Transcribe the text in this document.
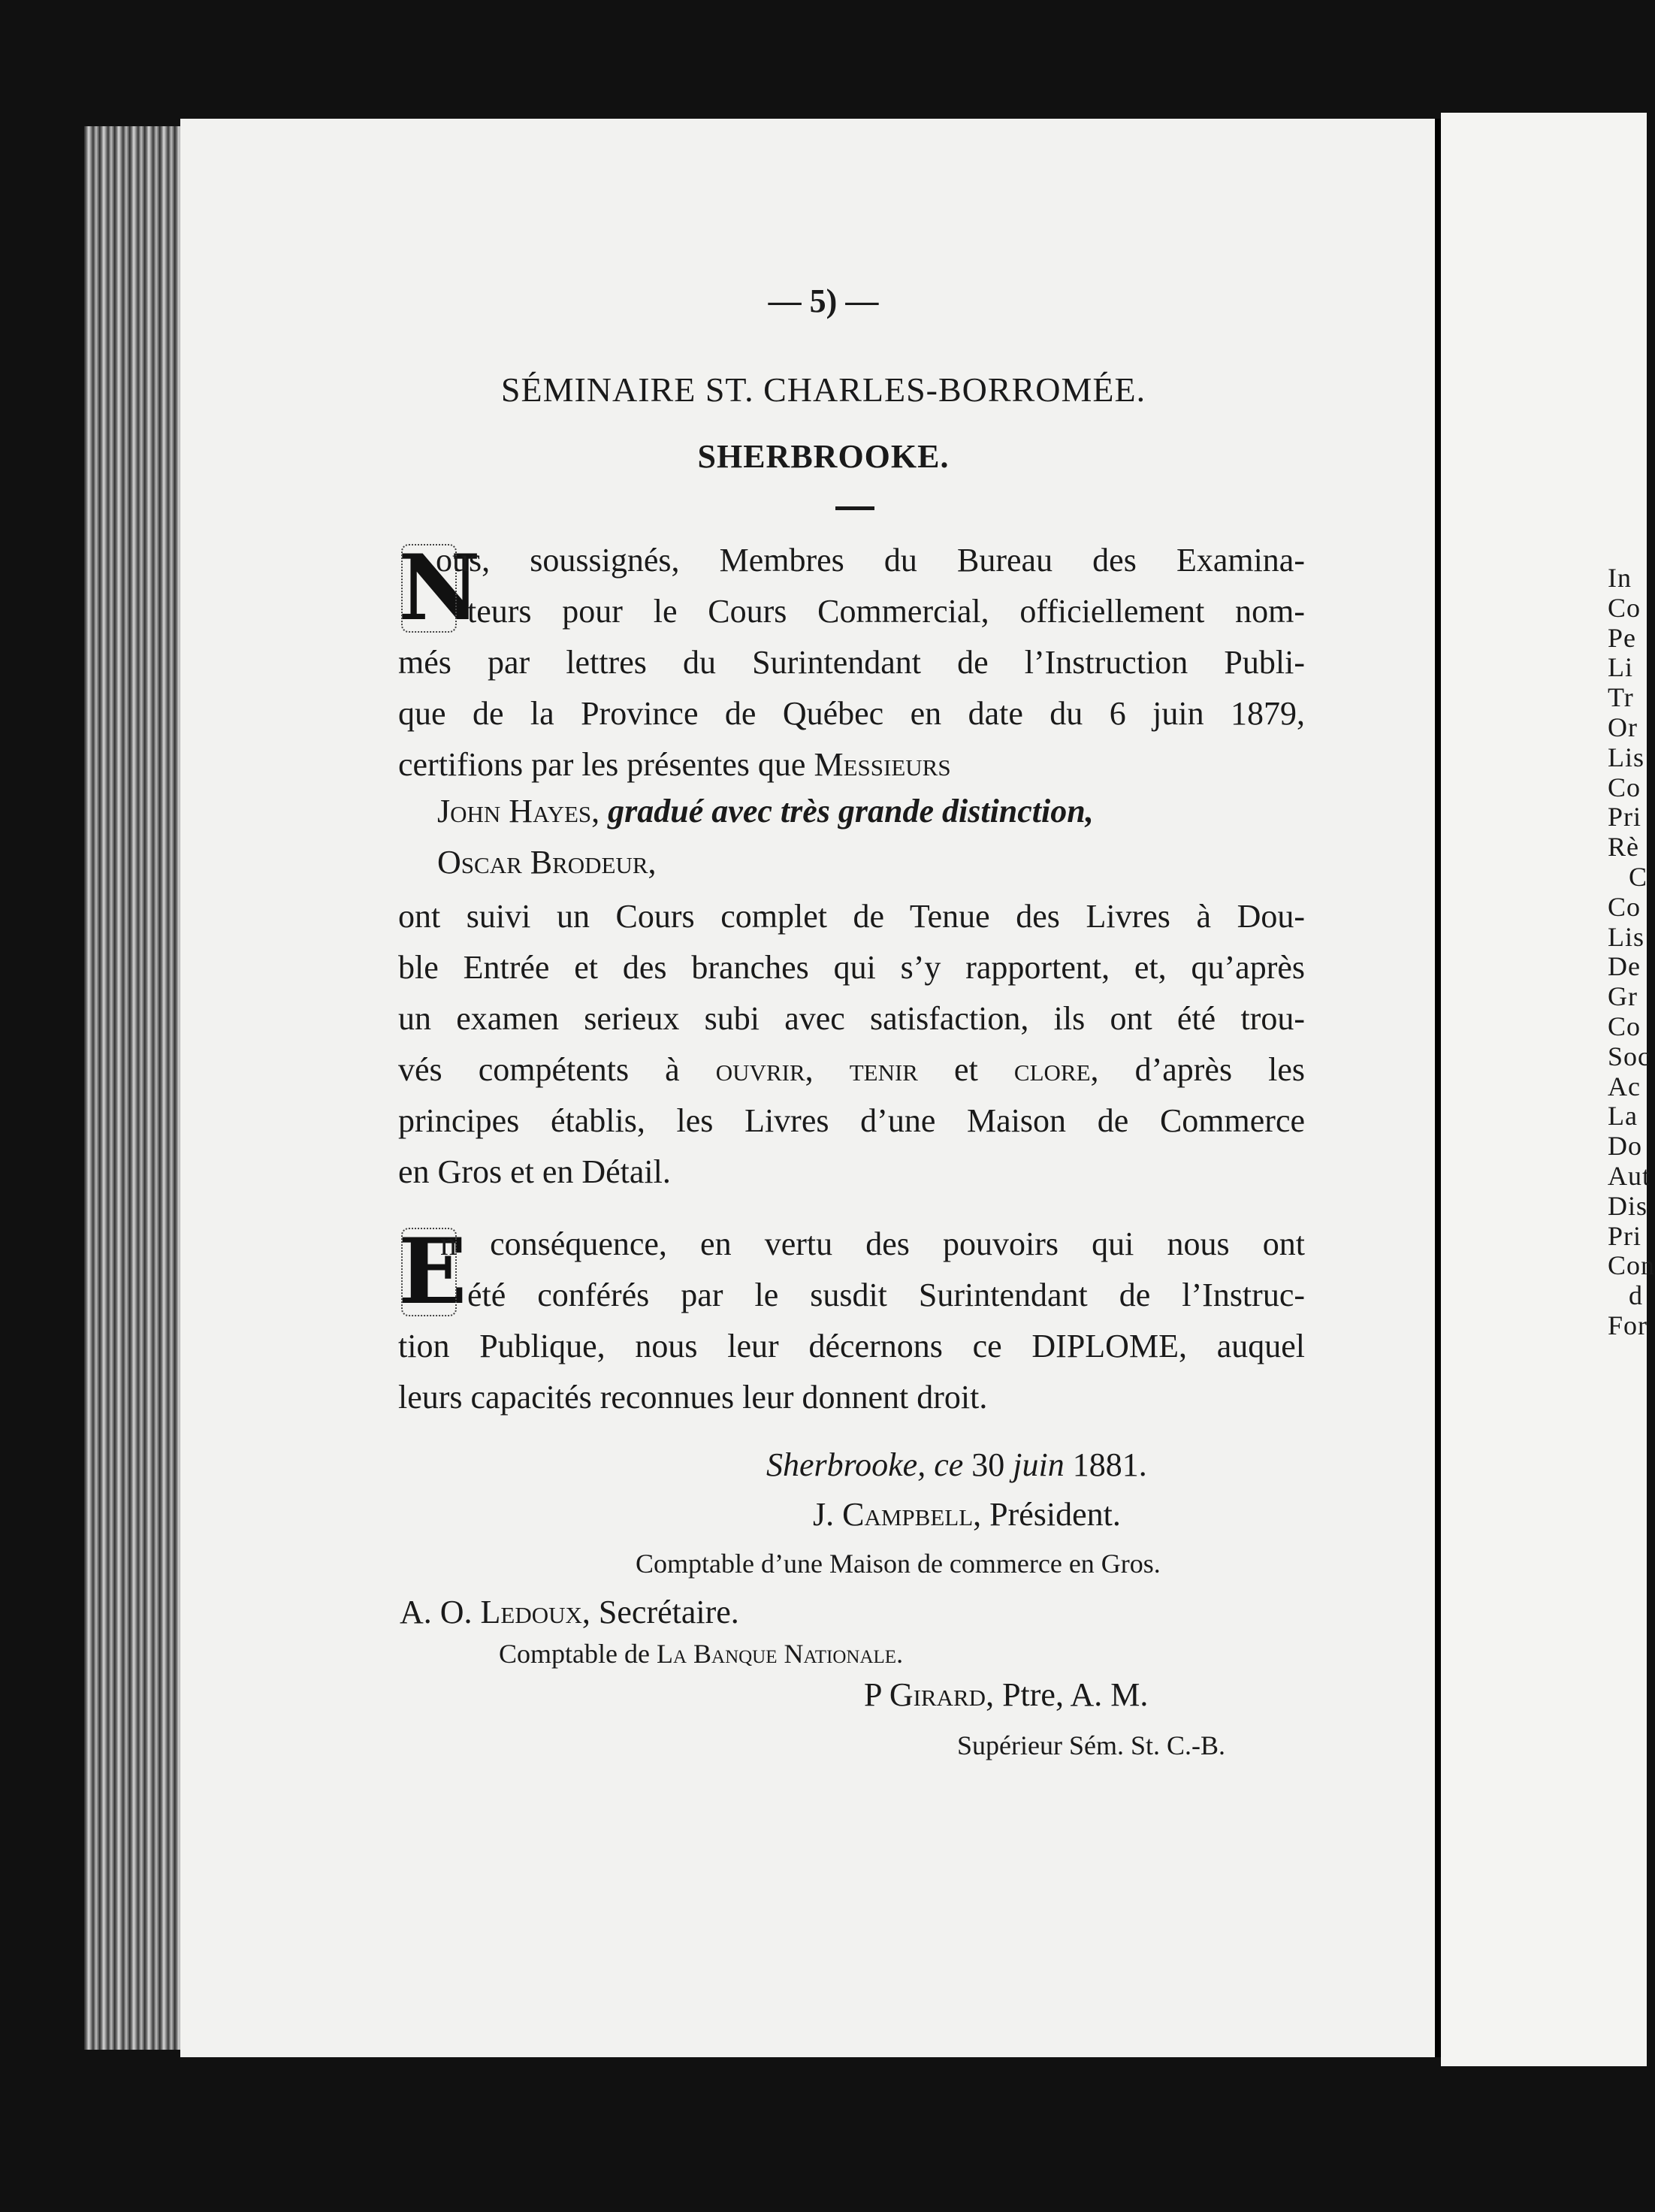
In
Co
Pe
Li
Tr
Or
Lis
Co
Pri
Rè
C
Co
Lis
De
Gr
Co
Soc
Ac
La
Do
Aut
Dis
Pri
Con
d
For
— 5) —
SÉMINAIRE ST. CHARLES-BORROMÉE.
SHERBROOKE.
N
ous, soussignés, Membres du Bureau des Examina-
teurs pour le Cours Commercial, officiellement nom-
més par lettres du Surintendant de l’Instruction Publi-
que de la Province de Québec en date du 6 juin 1879,
certifions par les présentes que Messieurs
John Hayes, gradué avec très grande distinction,
Oscar Brodeur,
ont suivi un Cours complet de Tenue des Livres à Dou-
ble Entrée et des branches qui s’y rapportent, et, qu’après
un examen serieux subi avec satisfaction, ils ont été trou-
vés compétents à ouvrir, tenir et clore, d’après les
principes établis, les Livres d’une Maison de Commerce
en Gros et en Détail.
E
n conséquence, en vertu des pouvoirs qui nous ont
été conférés par le susdit Surintendant de l’Instruc-
tion Publique, nous leur décernons ce DIPLOME, auquel
leurs capacités reconnues leur donnent droit.
Sherbrooke, ce 30 juin 1881.
J. Campbell, Président.
Comptable d’une Maison de commerce en Gros.
A. O. Ledoux, Secrétaire.
Comptable de La Banque Nationale.
P Girard, Ptre, A. M.
Supérieur Sém. St. C.-B.
